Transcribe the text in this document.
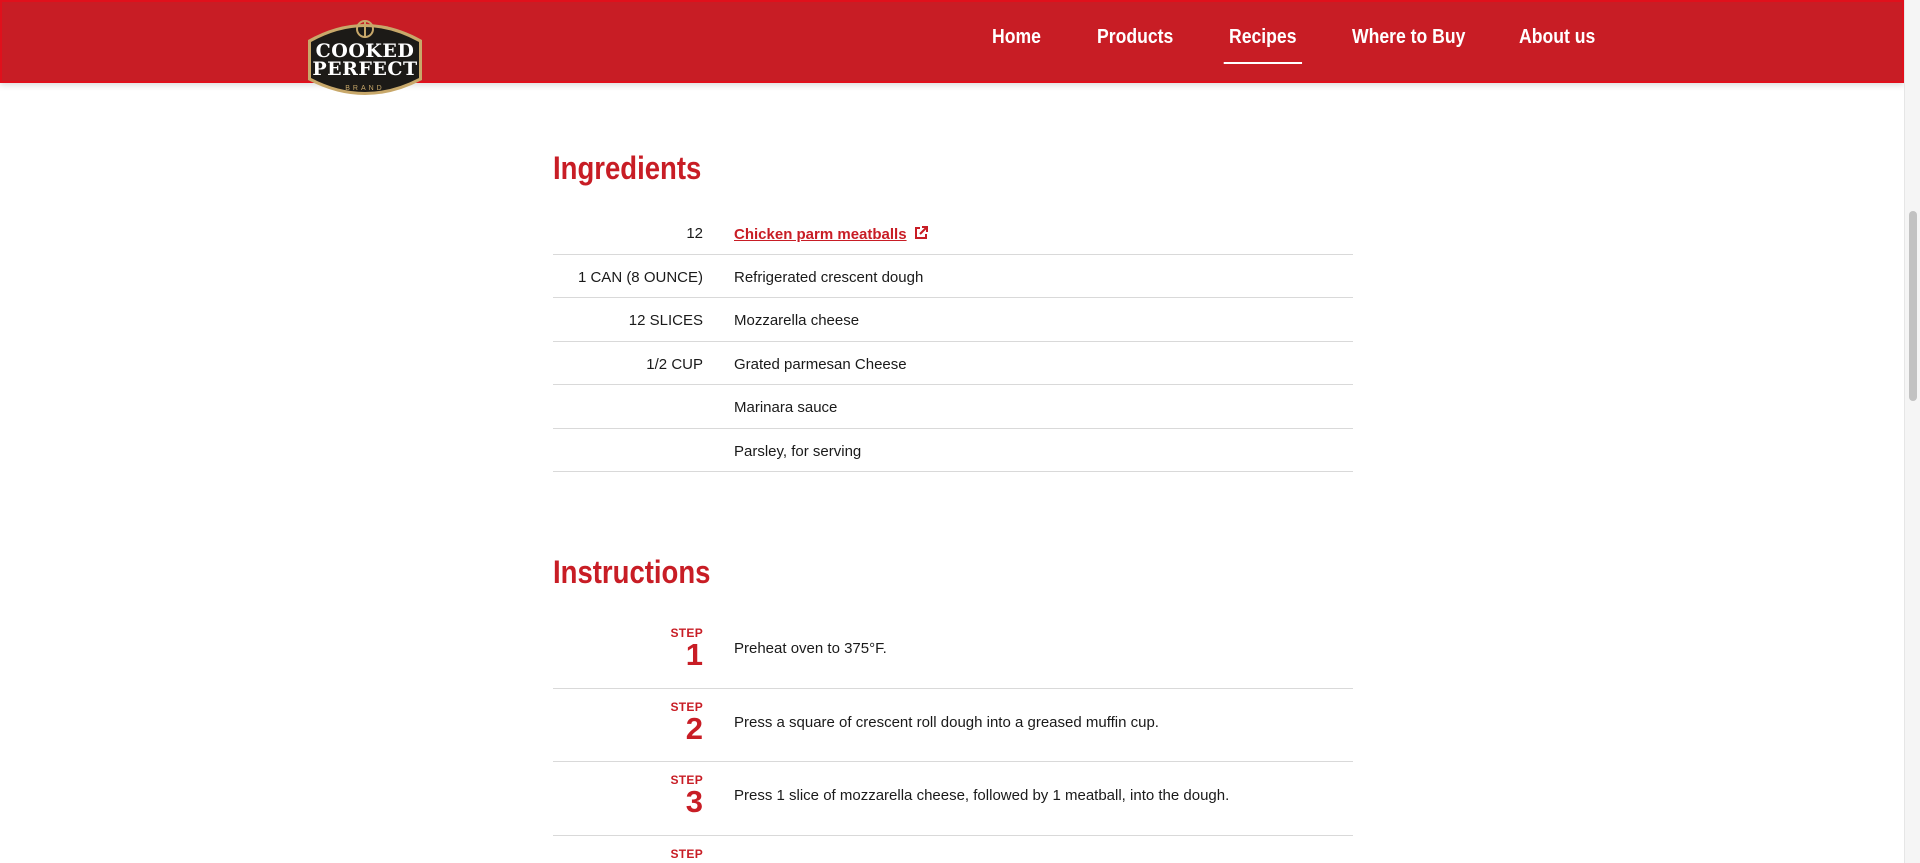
Home	Products	Recipes	Where to Buy	About us
COOKED
PERFECT
BRAND
Ingredients
12 Chicken parm meatballs
1 CAN (8 OUNCE) Refrigerated crescent dough
12 SLICES Mozzarella cheese
1/2 CUP Grated parmesan Cheese
Marinara sauce
Parsley, for serving
Instructions
STEP
1 Preheat oven to 375°F.
STEP
2 Press a square of crescent roll dough into a greased muffin cup.
STEP
3 Press 1 slice of mozzarella cheese, followed by 1 meatball, into the dough.
STEP
